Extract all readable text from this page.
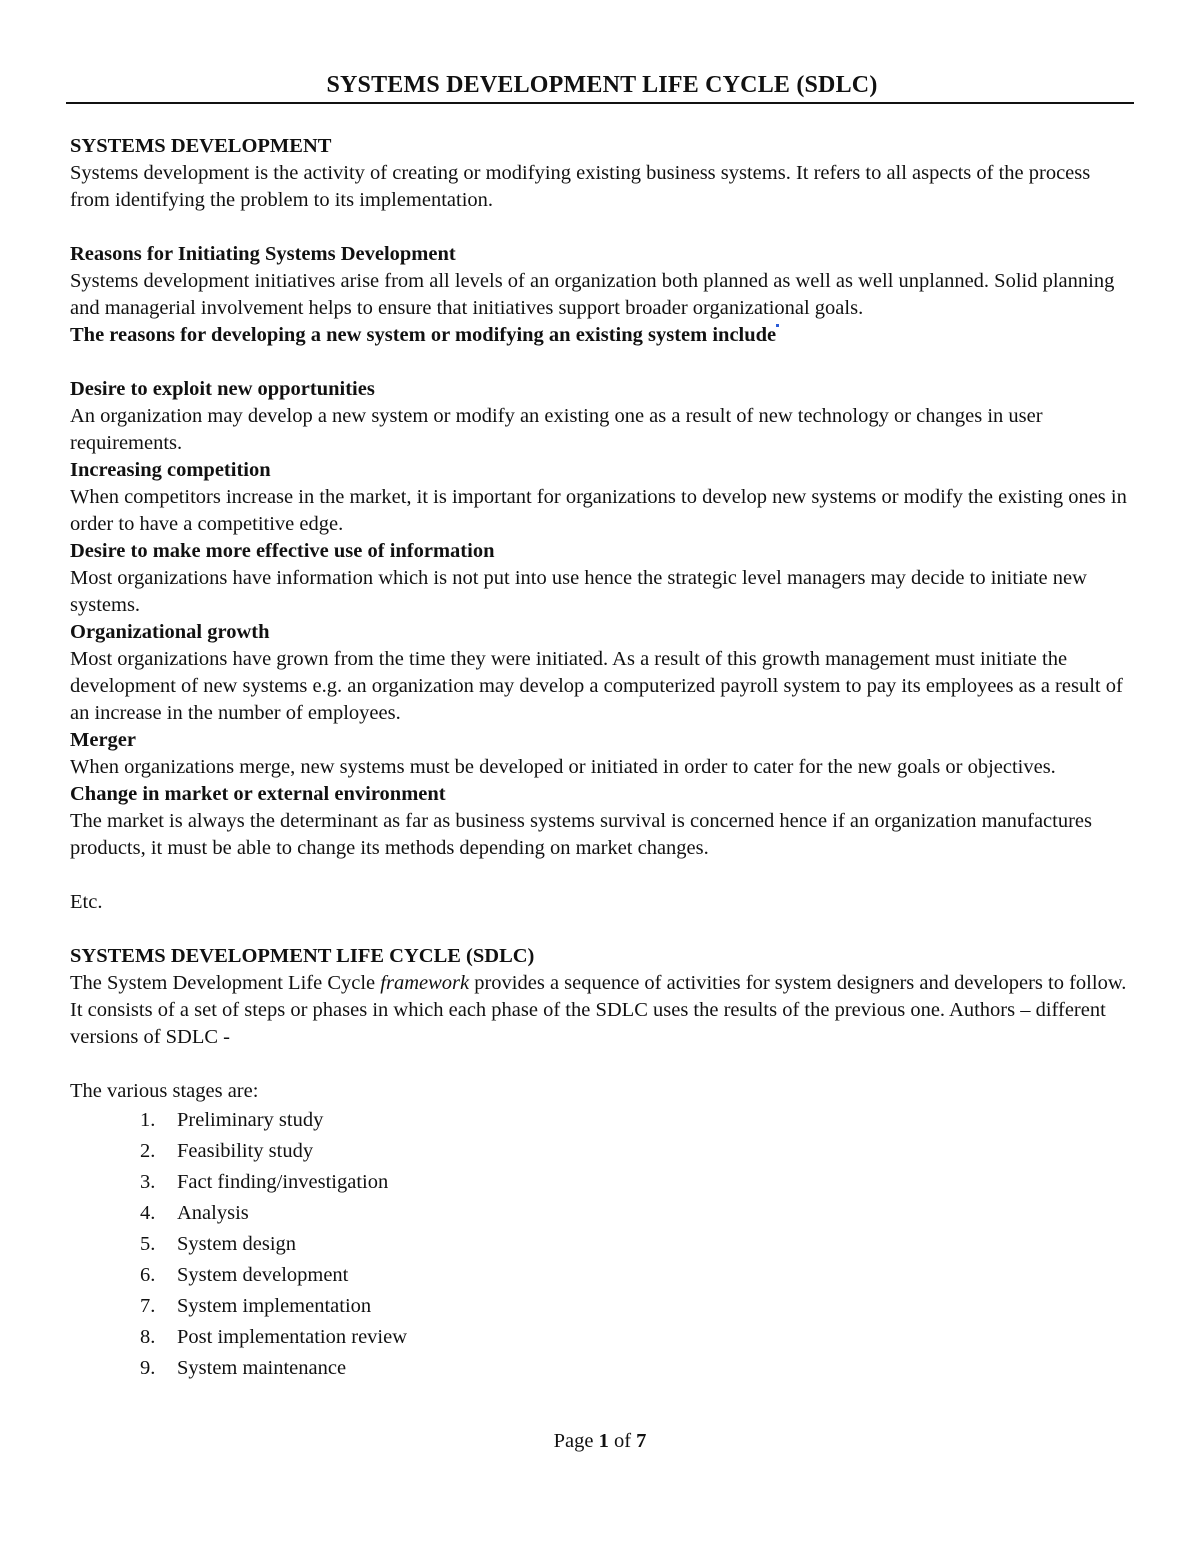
SYSTEMS DEVELOPMENT LIFE CYCLE (SDLC)

SYSTEMS DEVELOPMENT

Systems development is the activity of creating or modifying existing business systems. It refers to all aspects of the process from identifying the problem to its implementation.

Reasons for Initiating Systems Development

Systems development initiatives arise from all levels of an organization both planned as well as well unplanned. Solid planning and managerial involvement helps to ensure that initiatives support broader organizational goals.

The reasons for developing a new system or modifying an existing system include

Desire to exploit new opportunities

An organization may develop a new system or modify an existing one as a result of new technology or changes in user requirements.

Increasing competition

When competitors increase in the market, it is important for organizations to develop new systems or modify the existing ones in order to have a competitive edge.

Desire to make more effective use of information

Most organizations have information which is not put into use hence the strategic level managers may decide to initiate new systems.

Organizational growth

Most organizations have grown from the time they were initiated. As a result of this growth management must initiate the development of new systems e.g. an organization may develop a computerized payroll system to pay its employees as a result of an increase in the number of employees.

Merger

When organizations merge, new systems must be developed or initiated in order to cater for the new goals or objectives.

Change in market or external environment

The market is always the determinant as far as business systems survival is concerned hence if an organization manufactures products, it must be able to change its methods depending on market changes.

Etc.

SYSTEMS DEVELOPMENT LIFE CYCLE (SDLC)

The System Development Life Cycle framework provides a sequence of activities for system designers and developers to follow. It consists of a set of steps or phases in which each phase of the SDLC uses the results of the previous one. Authors – different versions of SDLC -

The various stages are:

1.	Preliminary study
2.	Feasibility study
3.	Fact finding/investigation
4.	Analysis
5.	System design
6.	System development
7.	System implementation
8.	Post implementation review
9.	System maintenance
Page 1 of 7
